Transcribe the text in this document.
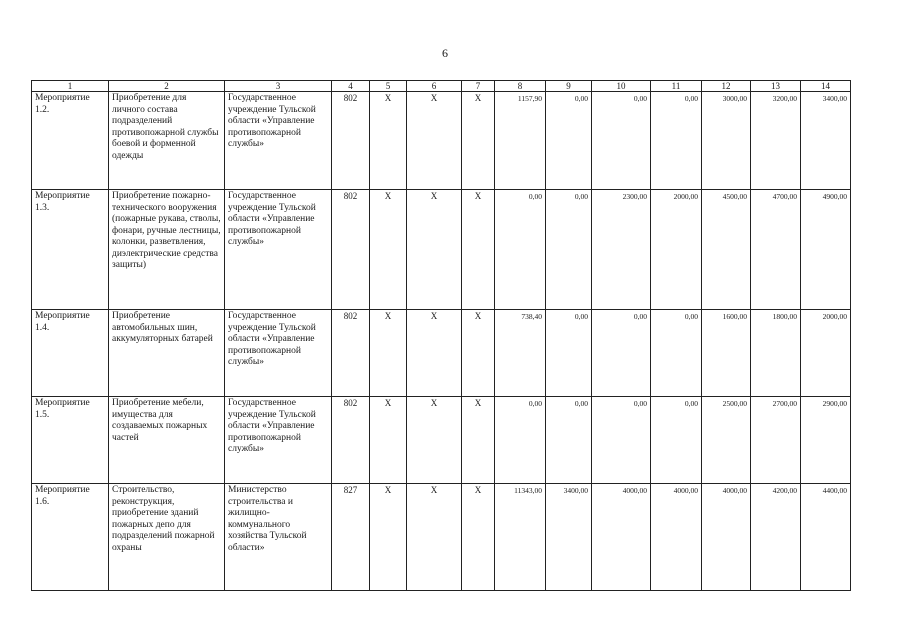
6
1	2	3	4	5	6	7	8	9	10	11	12	13	14
Мероприятие 1.2.	Приобретение для личного состава подразделений противопожарной службы боевой и форменной одежды	Государственное учреждение Тульской области «Управление противопожарной службы»	802	X	X	X	1157,90	0,00	0,00	0,00	3000,00	3200,00	3400,00
Мероприятие 1.3.	Приобретение пожарно-технического вооружения (пожарные рукава, стволы, фонари, ручные лестницы, колонки, разветвления, диэлектрические средства защиты)	Государственное учреждение Тульской области «Управление противопожарной службы»	802	X	X	X	0,00	0,00	2300,00	2000,00	4500,00	4700,00	4900,00
Мероприятие 1.4.	Приобретение автомобильных шин, аккумуляторных батарей	Государственное учреждение Тульской области «Управление противопожарной службы»	802	X	X	X	738,40	0,00	0,00	0,00	1600,00	1800,00	2000,00
Мероприятие 1.5.	Приобретение мебели, имущества для создаваемых пожарных частей	Государственное учреждение Тульской области «Управление противопожарной службы»	802	X	X	X	0,00	0,00	0,00	0,00	2500,00	2700,00	2900,00
Мероприятие 1.6.	Строительство, реконструкция, приобретение зданий пожарных депо для подразделений пожарной охраны	Министерство строительства и жилищно-коммунального хозяйства Тульской области»	827	X	X	X	11343,00	3400,00	4000,00	4000,00	4000,00	4200,00	4400,00
